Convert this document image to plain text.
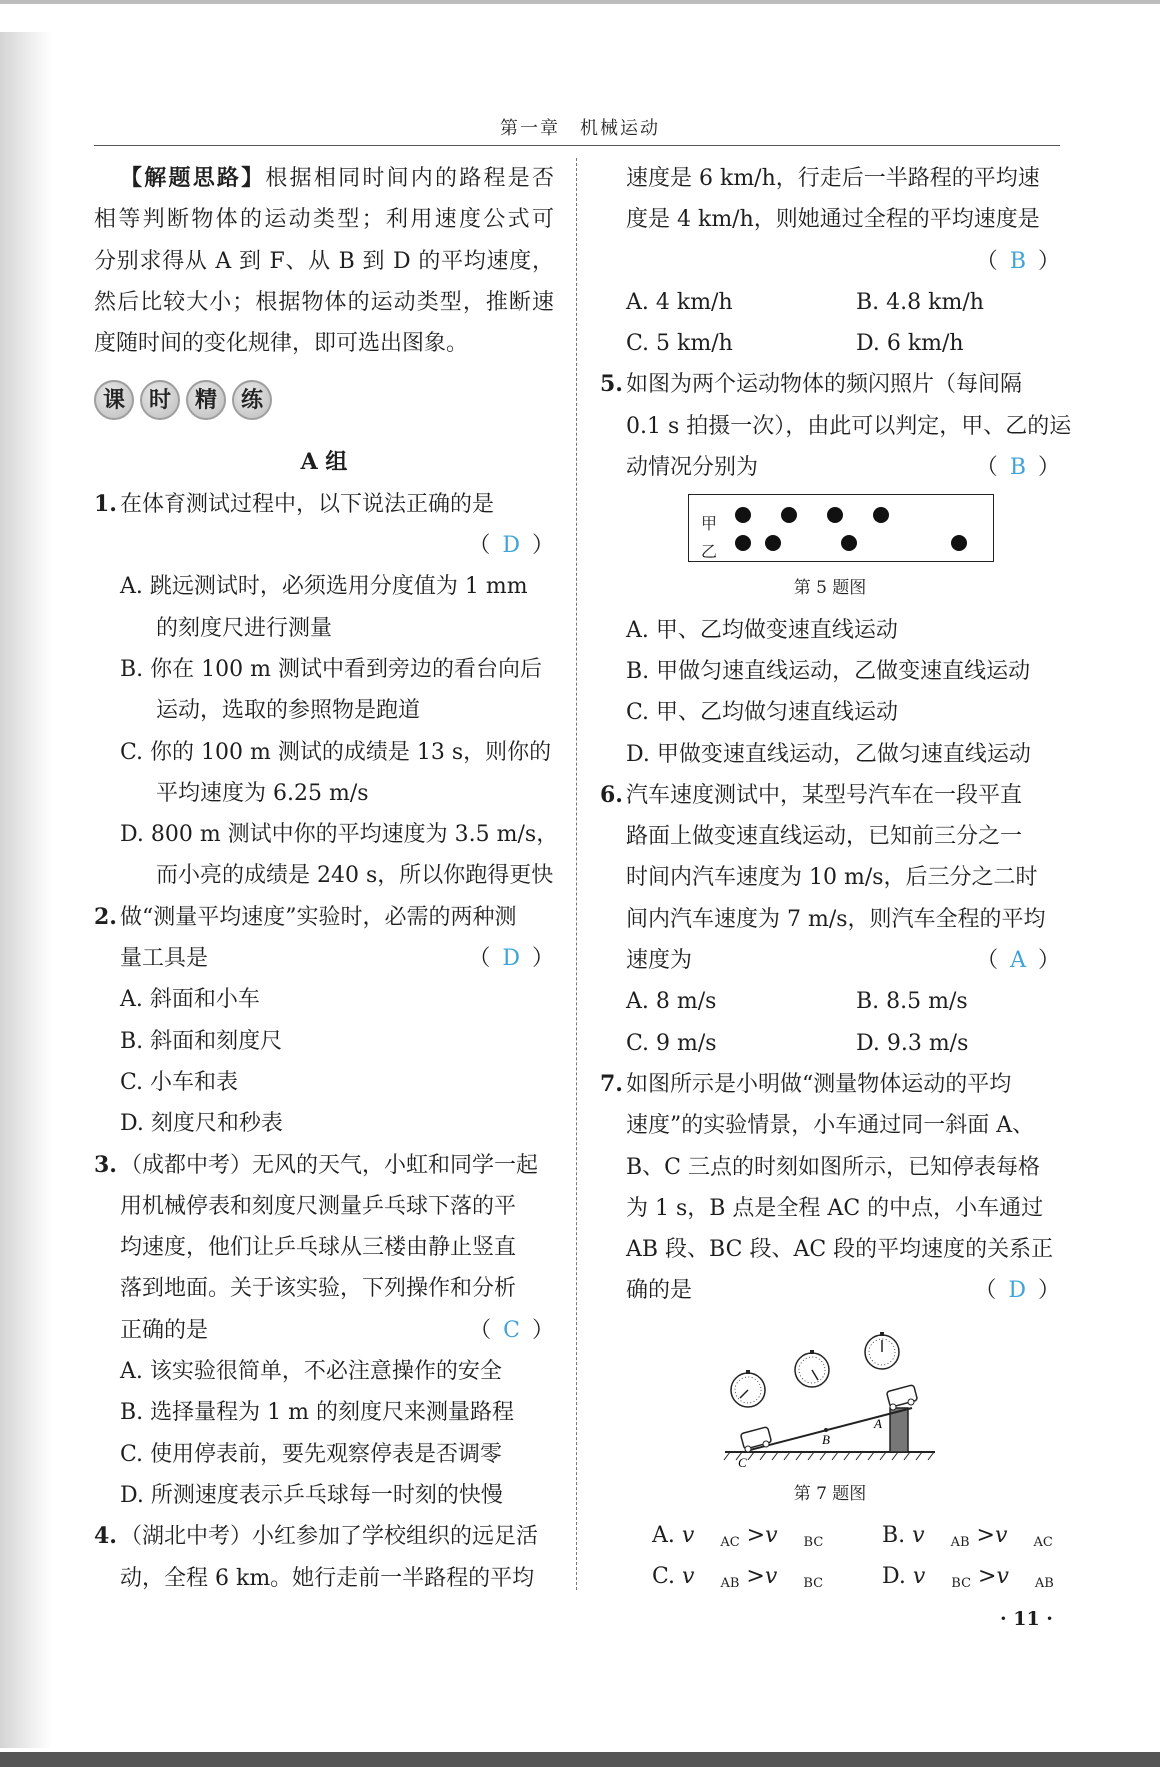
第一章　机械运动
【解题思路】根据相同时间内的路程是否
相等判断物体的运动类型；利用速度公式可
分别求得从 A 到 F、从 B 到 D 的平均速度，
然后比较大小；根据物体的运动类型，推断速
度随时间的变化规律，即可选出图象。
课	时	精	练
A 组
1. 在体育测试过程中，以下说法正确的是
（ D ）
A. 跳远测试时，必须选用分度值为 1 mm
的刻度尺进行测量
B. 你在 100 m 测试中看到旁边的看台向后
运动，选取的参照物是跑道
C. 你的 100 m 测试的成绩是 13 s，则你的
平均速度为 6.25 m/s
D. 800 m 测试中你的平均速度为 3.5 m/s，
而小亮的成绩是 240 s，所以你跑得更快
2. 做“测量平均速度”实验时，必需的两种测
量工具是	（ D ）
A. 斜面和小车
B. 斜面和刻度尺
C. 小车和表
D. 刻度尺和秒表
3. （成都中考）无风的天气，小虹和同学一起
用机械停表和刻度尺测量乒乓球下落的平
均速度，他们让乒乓球从三楼由静止竖直
落到地面。关于该实验，下列操作和分析
正确的是	（ C ）
A. 该实验很简单，不必注意操作的安全
B. 选择量程为 1 m 的刻度尺来测量路程
C. 使用停表前，要先观察停表是否调零
D. 所测速度表示乒乓球每一时刻的快慢
4. （湖北中考）小红参加了学校组织的远足活
动，全程 6 km。她行走前一半路程的平均
速度是 6 km/h，行走后一半路程的平均速
度是 4 km/h，则她通过全程的平均速度是
（ B ）
A. 4 km/h	B. 4.8 km/h
C. 5 km/h	D. 6 km/h
5. 如图为两个运动物体的频闪照片（每间隔
0.1 s 拍摄一次），由此可以判定，甲、乙的运
动情况分别为	（ B ）
甲
乙
第 5 题图
A. 甲、乙均做变速直线运动
B. 甲做匀速直线运动，乙做变速直线运动
C. 甲、乙均做匀速直线运动
D. 甲做变速直线运动，乙做匀速直线运动
6. 汽车速度测试中，某型号汽车在一段平直
路面上做变速直线运动，已知前三分之一
时间内汽车速度为 10 m/s，后三分之二时
间内汽车速度为 7 m/s，则汽车全程的平均
速度为	（ A ）
A. 8 m/s	B. 8.5 m/s
C. 9 m/s	D. 9.3 m/s
7. 如图所示是小明做“测量物体运动的平均
速度”的实验情景，小车通过同一斜面 A、
B、C 三点的时刻如图所示，已知停表每格
为 1 s，B 点是全程 AC 的中点，小车通过
AB 段、BC 段、AC 段的平均速度的关系正
确的是	（ D ）
A
B
C
第 7 题图
A. v $_{AC}$ >v $_{BC}$	B. v $_{AB}$ >v $_{AC}$
C. v $_{AB}$ >v $_{BC}$	D. v $_{BC}$ >v $_{AB}$
· 11 ·
